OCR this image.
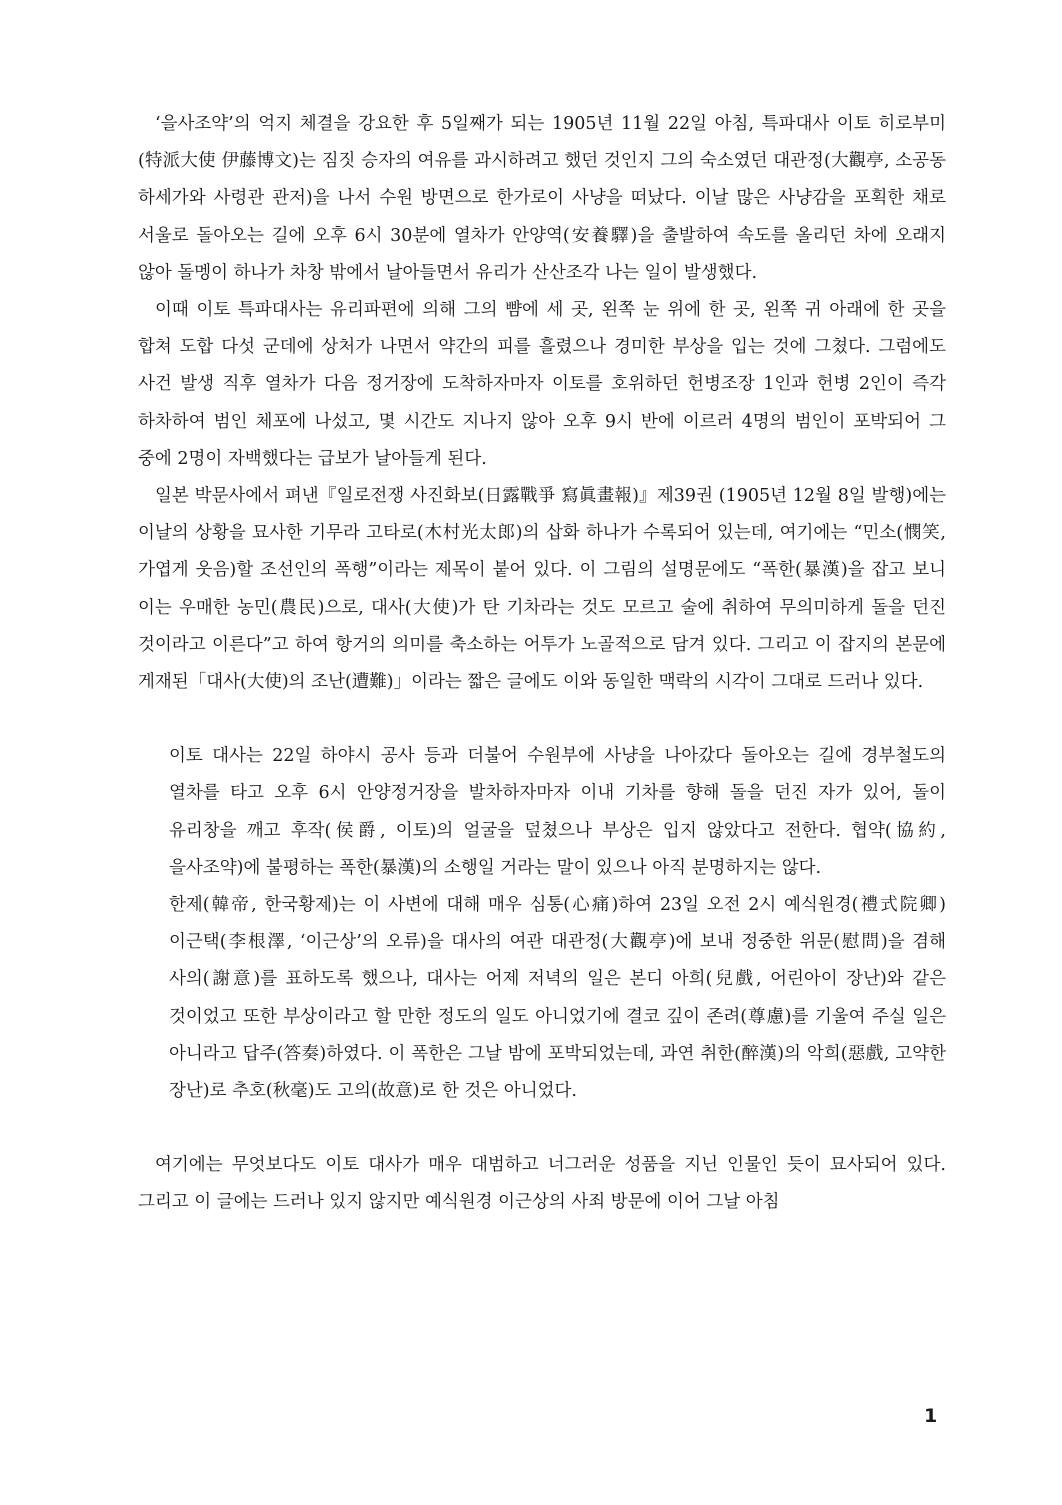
‘을사조약’의 억지 체결을 강요한 후 5일째가 되는 1905년 11월 22일 아침, 특파대사 이토 히로부미(特派大使 伊藤博文)는 짐짓 승자의 여유를 과시하려고 했던 것인지 그의 숙소였던 대관정(大觀亭, 소공동 하세가와 사령관 관저)을 나서 수원 방면으로 한가로이 사냥을 떠났다. 이날 많은 사냥감을 포획한 채로 서울로 돌아오는 길에 오후 6시 30분에 열차가 안양역(安養驛)을 출발하여 속도를 올리던 차에 오래지 않아 돌멩이 하나가 차창 밖에서 날아들면서 유리가 산산조각 나는 일이 발생했다.

이때 이토 특파대사는 유리파편에 의해 그의 뺨에 세 곳, 왼쪽 눈 위에 한 곳, 왼쪽 귀 아래에 한 곳을 합쳐 도합 다섯 군데에 상처가 나면서 약간의 피를 흘렸으나 경미한 부상을 입는 것에 그쳤다. 그럼에도 사건 발생 직후 열차가 다음 정거장에 도착하자마자 이토를 호위하던 헌병조장 1인과 헌병 2인이 즉각 하차하여 범인 체포에 나섰고, 몇 시간도 지나지 않아 오후 9시 반에 이르러 4명의 범인이 포박되어 그 중에 2명이 자백했다는 급보가 날아들게 된다.

일본 박문사에서 펴낸『일로전쟁 사진화보(日露戰爭 寫眞畫報)』제39권 (1905년 12월 8일 발행)에는 이날의 상황을 묘사한 기무라 고타로(木村光太郎)의 삽화 하나가 수록되어 있는데, 여기에는 “민소(憫笑, 가엽게 웃음)할 조선인의 폭행”이라는 제목이 붙어 있다. 이 그림의 설명문에도 “폭한(暴漢)을 잡고 보니 이는 우매한 농민(農民)으로, 대사(大使)가 탄 기차라는 것도 모르고 술에 취하여 무의미하게 돌을 던진 것이라고 이른다”고 하여 항거의 의미를 축소하는 어투가 노골적으로 담겨 있다. 그리고 이 잡지의 본문에 게재된「대사(大使)의 조난(遭難)」이라는 짧은 글에도 이와 동일한 맥락의 시각이 그대로 드러나 있다.

이토 대사는 22일 하야시 공사 등과 더불어 수원부에 사냥을 나아갔다 돌아오는 길에 경부철도의 열차를 타고 오후 6시 안양정거장을 발차하자마자 이내 기차를 향해 돌을 던진 자가 있어, 돌이 유리창을 깨고 후작(侯爵, 이토)의 얼굴을 덮쳤으나 부상은 입지 않았다고 전한다. 협약(協約, 을사조약)에 불평하는 폭한(暴漢)의 소행일 거라는 말이 있으나 아직 분명하지는 않다.

한제(韓帝, 한국황제)는 이 사변에 대해 매우 심통(心痛)하여 23일 오전 2시 예식원경(禮式院卿) 이근택(李根澤, ‘이근상’의 오류)을 대사의 여관 대관정(大觀亭)에 보내 정중한 위문(慰問)을 겸해 사의(謝意)를 표하도록 했으나, 대사는 어제 저녁의 일은 본디 아희(兒戲, 어린아이 장난)와 같은 것이었고 또한 부상이라고 할 만한 정도의 일도 아니었기에 결코 깊이 존려(尊慮)를 기울여 주실 일은 아니라고 답주(答奏)하였다. 이 폭한은 그날 밤에 포박되었는데, 과연 취한(醉漢)의 악희(惡戲, 고약한 장난)로 추호(秋毫)도 고의(故意)로 한 것은 아니었다.

여기에는 무엇보다도 이토 대사가 매우 대범하고 너그러운 성품을 지닌 인물인 듯이 묘사되어 있다. 그리고 이 글에는 드러나 있지 않지만 예식원경 이근상의 사죄 방문에 이어 그날 아침

1
